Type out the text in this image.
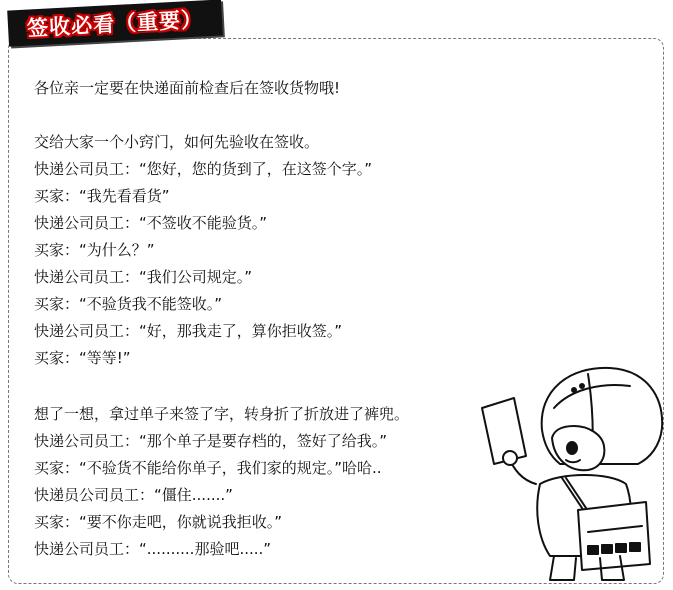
签收必看（重要）
各位亲一定要在快递面前检查后在签收货物哦!
交给大家一个小窍门，如何先验收在签收。
快递公司员工：“您好，您的货到了，在这签个字。”
买家：“我先看看货”
快递公司员工：“不签收不能验货。”
买家：“为什么？”
快递公司员工：“我们公司规定。”
买家：“不验货我不能签收。”
快递公司员工：“好，那我走了，算你拒收签。”
买家：“等等!”
想了一想，拿过单子来签了字，转身折了折放进了裤兜。
快递公司员工：“那个单子是要存档的，签好了给我。”
买家：“不验货不能给你单子，我们家的规定。”哈哈..
快递员公司员工：“僵住.......”
买家：“要不你走吧，你就说我拒收。”
快递公司员工：“..........那验吧.....”
